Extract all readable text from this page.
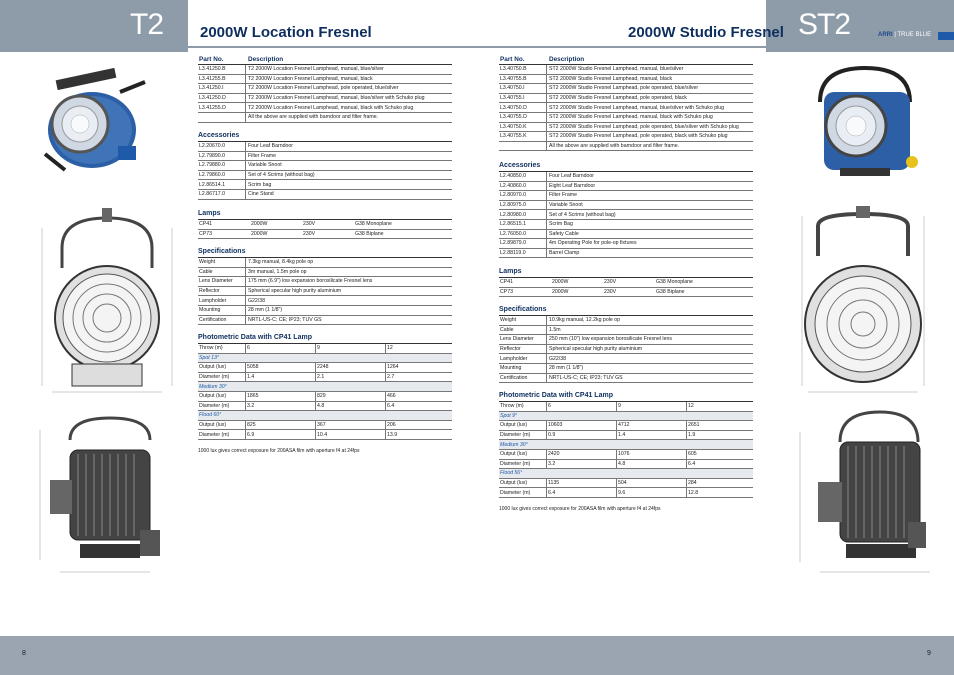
T2	ST2	ARRI | TRUE BLUE
2000W Location Fresnel	2000W Studio Fresnel
Part No.	Description
L3.41250.B	T2 2000W Location Fresnel Lamphead, manual, blue/silver
L3.41255.B	T2 2000W Location Fresnel Lamphead, manual, black
L3.41250.I	T2 2000W Location Fresnel Lamphead, pole operated, blue/silver
L3.41250.D	T2 2000W Location Fresnel Lamphead, manual, blue/silver with Schuko plug
L3.41255.D	T2 2000W Location Fresnel Lamphead, manual, black with Schuko plug
All the above are supplied with barndoor and filter frame.
Accessories
L2.20670.0	Four Leaf Barndoor
L2.79890.0	Filter Frame
L2.79880.0	Variable Snoot
L2.79860.0	Set of 4 Scrims (without bag)
L2.86514.1	Scrim bag
L2.86717.0	Cine Stand
Lamps
CP41	2000W	230V	G38 Monoplane
CP73	2000W	230V	G38 Biplane
Specifications
Weight	7.3kg manual, 8.4kg pole op
Cable	3m manual, 1.5m pole op
Lens Diameter	175 mm (6.9") low expansion borosilicate Fresnel lens
Reflector	Spherical specular high purity aluminium
Lampholder	G22/38
Mounting	28 mm (1 1/8")
Certification	NRTL-US-C; CE; IP23; TUV GS
Photometric Data with CP41 Lamp
Throw (m)	6	9	12
Spot 13°
Output (lux)	5058	2248	1264
Diameter (m)	1.4	2.1	2.7
Medium 30°
Output (lux)	1865	829	466
Diameter (m)	3.2	4.8	6.4
Flood 60°
Output (lux)	825	367	206
Diameter (m)	6.9	10.4	13.9
1000 lux gives correct exposure for 200ASA film with aperture f4 at 24fps
Part No.	Description
L3.40750.B	ST2 2000W Studio Fresnel Lamphead, manual, blue/silver
L3.40755.B	ST2 2000W Studio Fresnel Lamphead, manual, black
L3.40750.I	ST2 2000W Studio Fresnel Lamphead, pole operated, blue/silver
L3.40755.I	ST2 2000W Studio Fresnel Lamphead, pole operated, black
L3.40750.D	ST2 2000W Studio Fresnel Lamphead, manual, blue/silver with Schuko plug
L3.40755.D	ST2 2000W Studio Fresnel Lamphead, manual, black with Schuko plug
L3.40750.K	ST2 2000W Studio Fresnel Lamphead, pole operated, blue/silver with Schuko plug
L3.40755.K	ST2 2000W Studio Fresnel Lamphead, pole operated, black with Schuko plug
All the above are supplied with barndoor and filter frame.
Accessories
L2.40850.0	Four Leaf Barndoor
L2.40860.0	Eight Leaf Barndoor
L2.80970.0	Filter Frame
L2.80975.0	Variable Snoot
L2.80980.0	Set of 4 Scrims (without bag)
L2.86515.1	Scrim Bag
L2.76050.0	Safety Cable
L2.89879.0	4m Operating Pole for pole-op fixtures
L2.88119.0	Barrel Clamp
Lamps
CP41	2000W	230V	G38 Monoplane
CP73	2000W	230V	G38 Biplane
Specifications
Weight	10.9kg manual, 12.2kg pole op
Cable	1.5m
Lens Diameter	250 mm (10") low expansion borosilicate Fresnel lens
Reflector	Spherical specular high purity aluminium
Lampholder	G22/38
Mounting	28 mm (1 1/8")
Certification	NRTL-US-C; CE; IP23; TUV GS
Photometric Data with CP41 Lamp
Throw (m)	6	9	12
Spot 9°
Output (lux)	10603	4712	2651
Diameter (m)	0.9	1.4	1.9
Medium 30°
Output (lux)	2420	1076	605
Diameter (m)	3.2	4.8	6.4
Flood 56°
Output (lux)	1135	504	284
Diameter (m)	6.4	9.6	12.8
1000 lux gives correct exposure for 200ASA film with aperture f4 at 24fps
8	9
